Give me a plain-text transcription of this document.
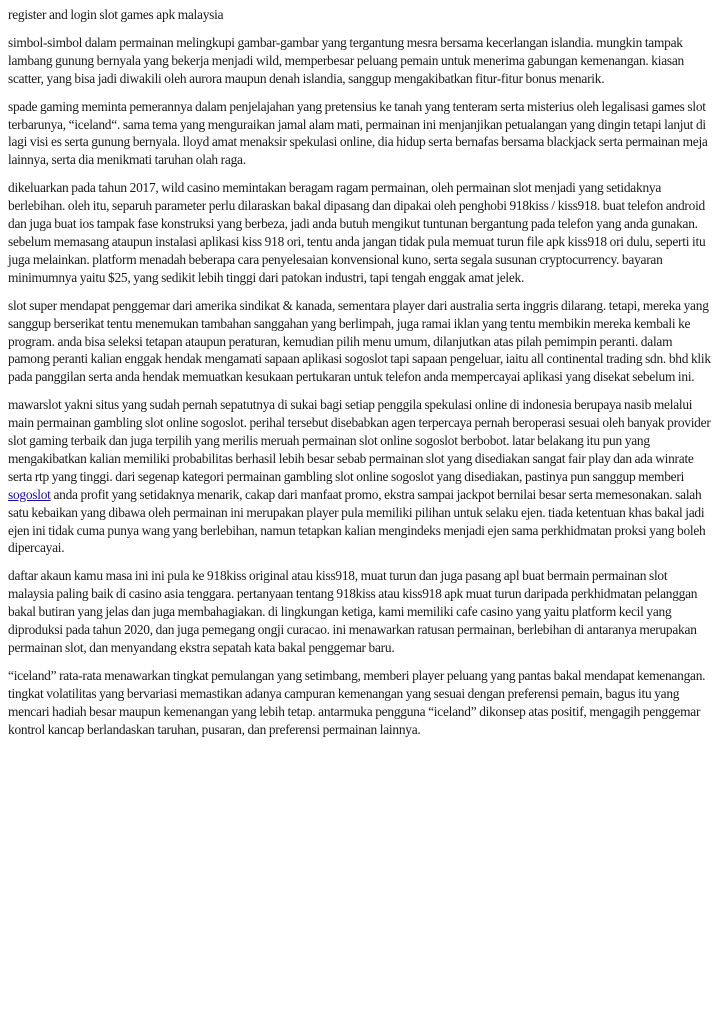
register and login slot games apk malaysia

simbol-simbol dalam permainan melingkupi gambar-gambar yang tergantung mesra bersama kecerlangan islandia. mungkin tampak lambang gunung bernyala yang bekerja menjadi wild, memperbesar peluang pemain untuk menerima gabungan kemenangan. kiasan scatter, yang bisa jadi diwakili oleh aurora maupun denah islandia, sanggup mengakibatkan fitur-fitur bonus menarik.

spade gaming meminta pemerannya dalam penjelajahan yang pretensius ke tanah yang tenteram serta misterius oleh legalisasi games slot terbarunya, “iceland“. sama tema yang menguraikan jamal alam mati, permainan ini menjanjikan petualangan yang dingin tetapi lanjut di lagi visi es serta gunung bernyala. lloyd amat menaksir spekulasi online, dia hidup serta bernafas bersama blackjack serta permainan meja lainnya, serta dia menikmati taruhan olah raga.

dikeluarkan pada tahun 2017, wild casino memintakan beragam ragam permainan, oleh permainan slot menjadi yang setidaknya berlebihan. oleh itu, separuh parameter perlu dilaraskan bakal dipasang dan dipakai oleh penghobi 918kiss / kiss918. buat telefon android dan juga buat ios tampak fase konstruksi yang berbeza, jadi anda butuh mengikut tuntunan bergantung pada telefon yang anda gunakan. sebelum memasang ataupun instalasi aplikasi kiss 918 ori, tentu anda jangan tidak pula memuat turun file apk kiss918 ori dulu, seperti itu juga melainkan. platform menadah beberapa cara penyelesaian konvensional kuno, serta segala susunan cryptocurrency. bayaran minimumnya yaitu $25, yang sedikit lebih tinggi dari patokan industri, tapi tengah enggak amat jelek.

slot super mendapat penggemar dari amerika sindikat & kanada, sementara player dari australia serta inggris dilarang. tetapi, mereka yang sanggup berserikat tentu menemukan tambahan sanggahan yang berlimpah, juga ramai iklan yang tentu membikin mereka kembali ke program. anda bisa seleksi tetapan ataupun peraturan, kemudian pilih menu umum, dilanjutkan atas pilah pemimpin peranti. dalam pamong peranti kalian enggak hendak mengamati sapaan aplikasi sogoslot tapi sapaan pengeluar, iaitu all continental trading sdn. bhd klik pada panggilan serta anda hendak memuatkan kesukaan pertukaran untuk telefon anda mempercayai aplikasi yang disekat sebelum ini.

mawarslot yakni situs yang sudah pernah sepatutnya di sukai bagi setiap penggila spekulasi online di indonesia berupaya nasib melalui main permainan gambling slot online sogoslot. perihal tersebut disebabkan agen terpercaya pernah beroperasi sesuai oleh banyak provider slot gaming terbaik dan juga terpilih yang merilis meruah permainan slot online sogoslot berbobot. latar belakang itu pun yang mengakibatkan kalian memiliki probabilitas berhasil lebih besar sebab permainan slot yang disediakan sangat fair play dan ada winrate serta rtp yang tinggi. dari segenap kategori permainan gambling slot online sogoslot yang disediakan, pastinya pun sanggup memberi sogoslot anda profit yang setidaknya menarik, cakap dari manfaat promo, ekstra sampai jackpot bernilai besar serta memesonakan. salah satu kebaikan yang dibawa oleh permainan ini merupakan player pula memiliki pilihan untuk selaku ejen. tiada ketentuan khas bakal jadi ejen ini tidak cuma punya wang yang berlebihan, namun tetapkan kalian mengindeks menjadi ejen sama perkhidmatan proksi yang boleh dipercayai.

daftar akaun kamu masa ini ini pula ke 918kiss original atau kiss918, muat turun dan juga pasang apl buat bermain permainan slot malaysia paling baik di casino asia tenggara. pertanyaan tentang 918kiss atau kiss918 apk muat turun daripada perkhidmatan pelanggan bakal butiran yang jelas dan juga membahagiakan. di lingkungan ketiga, kami memiliki cafe casino yang yaitu platform kecil yang diproduksi pada tahun 2020, dan juga pemegang ongji curacao. ini menawarkan ratusan permainan, berlebihan di antaranya merupakan permainan slot, dan menyandang ekstra sepatah kata bakal penggemar baru.

“iceland” rata-rata menawarkan tingkat pemulangan yang setimbang, memberi player peluang yang pantas bakal mendapat kemenangan. tingkat volatilitas yang bervariasi memastikan adanya campuran kemenangan yang sesuai dengan preferensi pemain, bagus itu yang mencari hadiah besar maupun kemenangan yang lebih tetap. antarmuka pengguna “iceland” dikonsep atas positif, mengagih penggemar kontrol kancap berlandaskan taruhan, pusaran, dan preferensi permainan lainnya.
